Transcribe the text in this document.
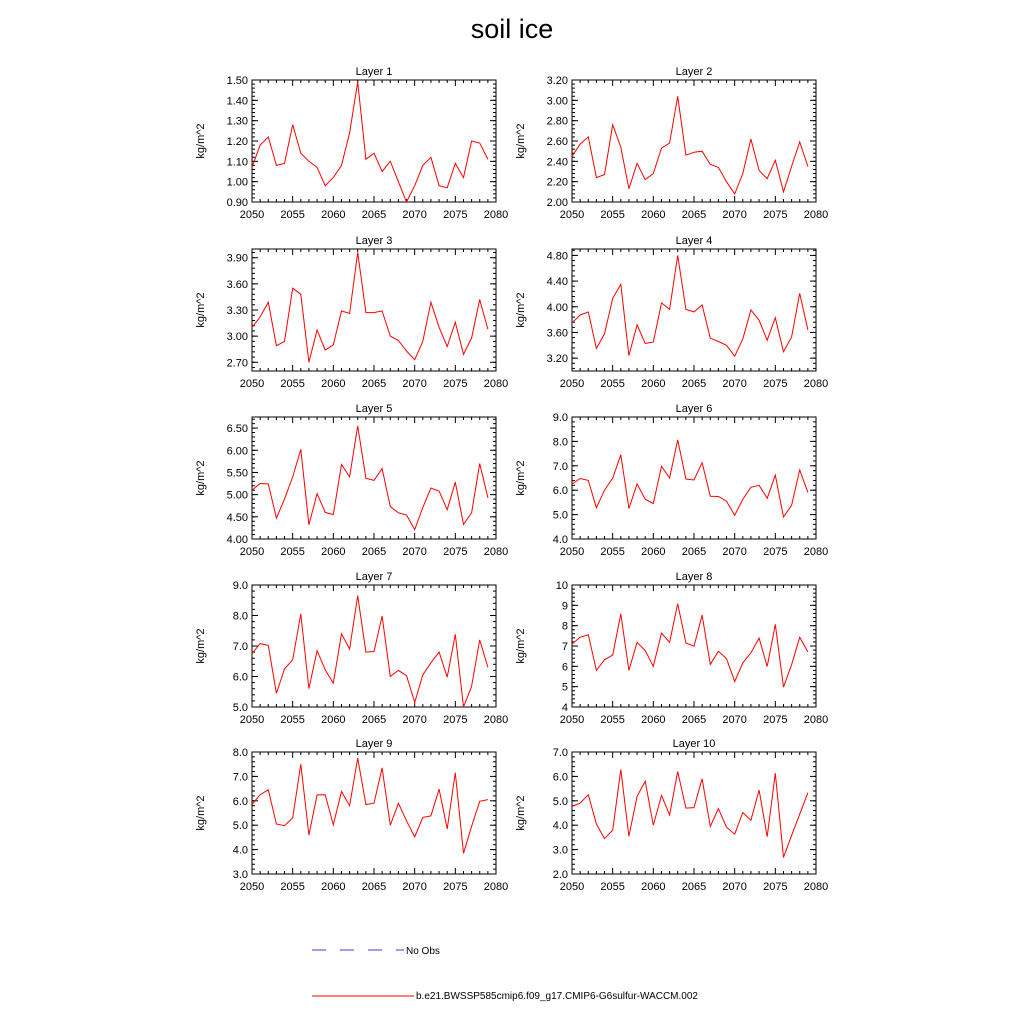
soil ice
Layer 1
kg/m^2
2050 2055 2060 2065 2070 2075 2080
0.90
1.00
1.10
1.20
1.30
1.40
1.50
Layer 2
kg/m^2
2050 2055 2060 2065 2070 2075 2080
2.00
2.20
2.40
2.60
2.80
3.00
3.20
Layer 3
kg/m^2
2050 2055 2060 2065 2070 2075 2080
2.70
3.00
3.30
3.60
3.90
Layer 4
kg/m^2
2050 2055 2060 2065 2070 2075 2080
3.20
3.60
4.00
4.40
4.80
Layer 5
kg/m^2
2050 2055 2060 2065 2070 2075 2080
4.00
4.50
5.00
5.50
6.00
6.50
Layer 6
kg/m^2
2050 2055 2060 2065 2070 2075 2080
4.0
5.0
6.0
7.0
8.0
9.0
Layer 7
kg/m^2
2050 2055 2060 2065 2070 2075 2080
5.0
6.0
7.0
8.0
9.0
Layer 8
kg/m^2
2050 2055 2060 2065 2070 2075 2080
4
5
6
7
8
9
10
Layer 9
kg/m^2
2050 2055 2060 2065 2070 2075 2080
3.0
4.0
5.0
6.0
7.0
8.0
Layer 10
kg/m^2
2050 2055 2060 2065 2070 2075 2080
2.0
3.0
4.0
5.0
6.0
7.0
No Obs
b.e21.BWSSP585cmip6.f09_g17.CMIP6-G6sulfur-WACCM.002
